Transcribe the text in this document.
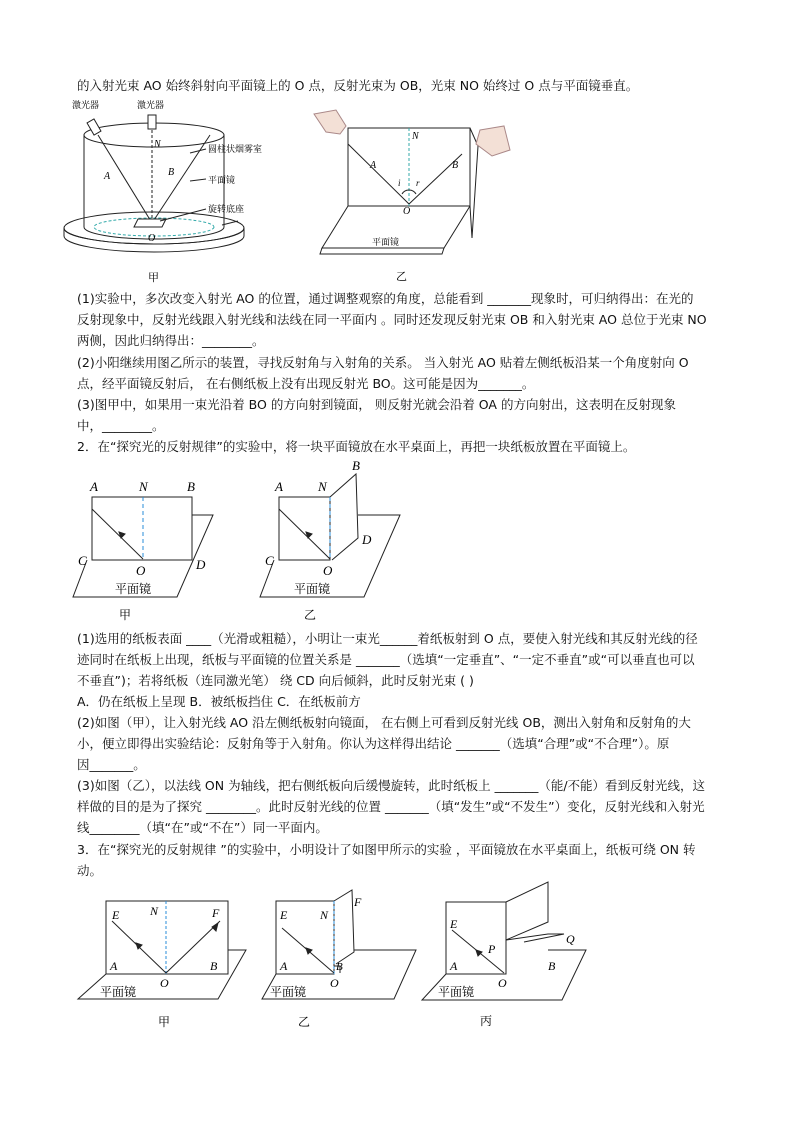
的入射光束 AO 始终斜射向平面镜上的 O 点，反射光束为 OB，光束 NO 始终过 O 点与平面镜垂直。
(1)实验中，多次改变入射光 AO 的位置，通过调整观察的角度，总能看到 _______现象时，可归纳得出：在光的
反射现象中，反射光线跟入射光线和法线在同一平面内 。同时还发现反射光束 OB 和入射光束 AO 总位于光束 NO
两侧，因此归纳得出：________。
(2)小阳继续用图乙所示的装置，寻找反射角与入射角的关系。 当入射光 AO 贴着左侧纸板沿某一个角度射向 O
点，经平面镜反射后， 在右侧纸板上没有出现反射光 BO。这可能是因为_______。
(3)图甲中，如果用一束光沿着 BO 的方向射到镜面， 则反射光就会沿着 OA 的方向射出，这表明在反射现象
中，________。
2．在“探究光的反射规律”的实验中，将一块平面镜放在水平桌面上，再把一块纸板放置在平面镜上。
(1)选用的纸板表面 ____（光滑或粗糙），小明让一束光______着纸板射到 O 点，要使入射光线和其反射光线的径
迹同时在纸板上出现，纸板与平面镜的位置关系是 _______（选填“一定垂直”、“一定不垂直”或“可以垂直也可以
不垂直”)；若将纸板（连同激光笔） 绕 CD 向后倾斜，此时反射光束 ( )
A．仍在纸板上呈现 B．被纸板挡住 C．在纸板前方
(2)如图（甲），让入射光线 AO 沿左侧纸板射向镜面， 在右侧上可看到反射光线 OB，测出入射角和反射角的大
小，便立即得出实验结论：反射角等于入射角。你认为这样得出结论 _______（选填“合理”或“不合理”）。原
因_______。
(3)如图（乙），以法线 ON 为轴线，把右侧纸板向后缓慢旋转，此时纸板上 _______（能/不能）看到反射光线，这
样做的目的是为了探究 ________。此时反射光线的位置 _______（填“发生”或“不发生”）变化，反射光线和入射光
线________（填“在”或“不在”）同一平面内。
3．在“探究光的反射规律 ”的实验中，小明设计了如图甲所示的实验 ，平面镜放在水平桌面上，纸板可绕 ON 转
动。
激光器	激光器
圆柱状烟雾室
平面镜
旋转底座
A
N
B
O
甲
N
A	B
i r
O
平面镜
乙
A	N	B
C
O	D
平面镜
甲
B
A	N
D
C
O
平面镜
乙
E	N	F
A
O
B
平面镜
甲
F
E	N
A
O
B
平面镜
乙
E
P
Q
A
O
B
平面镜
丙
